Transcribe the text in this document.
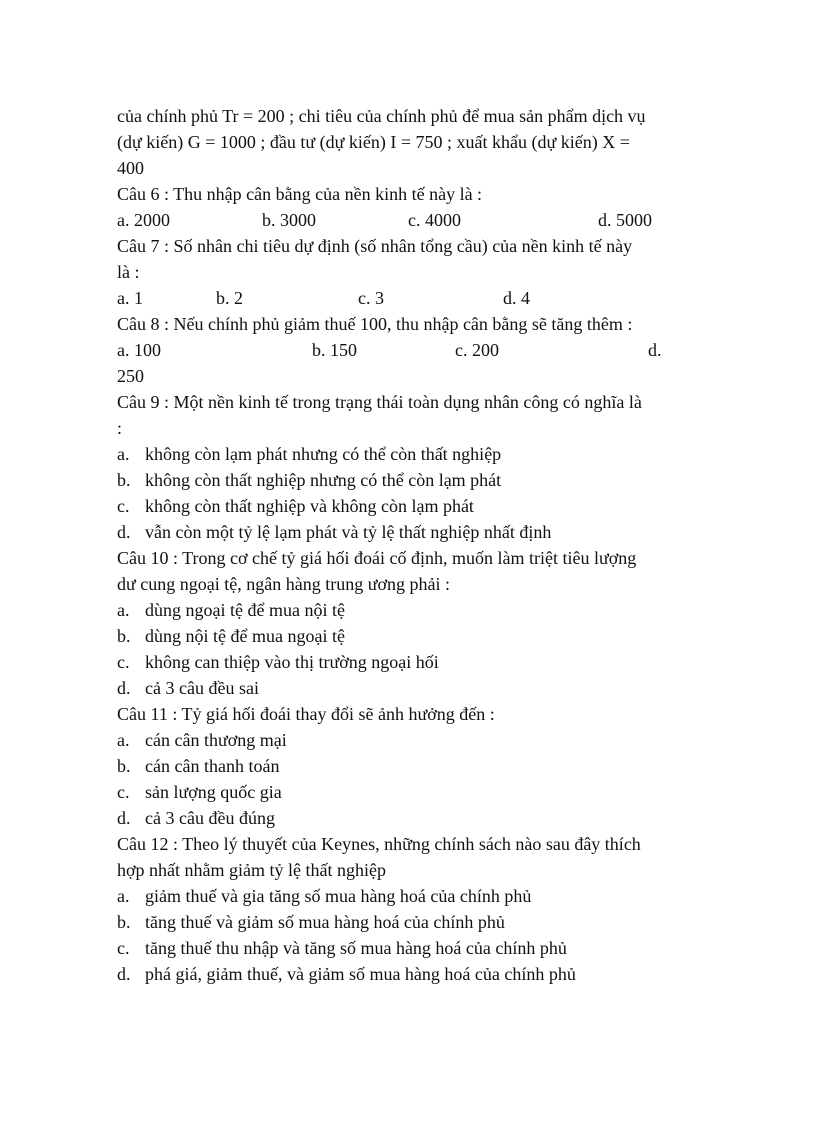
của chính phủ Tr = 200 ; chi tiêu của chính phủ để mua sản phẩm dịch vụ
(dự kiến) G = 1000 ; đầu tư (dự kiến) I = 750 ; xuất khẩu (dự kiến) X =
400
Câu 6 : Thu nhập cân bằng của nền kinh tế này là :
a. 2000	b. 3000	c. 4000	d. 5000
Câu 7 : Số nhân chi tiêu dự định (số nhân tổng cầu) của nền kinh tế này
là :
a. 1	b. 2	c. 3	d. 4
Câu 8 : Nếu chính phủ giảm thuế 100, thu nhập cân bằng sẽ tăng thêm :
a. 100	b. 150	c. 200	d.
250
Câu 9 : Một nền kinh tế trong trạng thái toàn dụng nhân công có nghĩa là
:
a. không còn lạm phát nhưng có thể còn thất nghiệp
b. không còn thất nghiệp nhưng có thể còn lạm phát
c. không còn thất nghiệp và không còn lạm phát
d. vẫn còn một tỷ lệ lạm phát và tỷ lệ thất nghiệp nhất định
Câu 10 : Trong cơ chế tỷ giá hối đoái cố định, muốn làm triệt tiêu lượng
dư cung ngoại tệ, ngân hàng trung ương phải :
a. dùng ngoại tệ để mua nội tệ
b. dùng nội tệ để mua ngoại tệ
c. không can thiệp vào thị trường ngoại hối
d. cả 3 câu đều sai
Câu 11 : Tỷ giá hối đoái thay đổi sẽ ảnh hưởng đến :
a. cán cân thương mại
b. cán cân thanh toán
c. sản lượng quốc gia
d. cả 3 câu đều đúng
Câu 12 : Theo lý thuyết của Keynes, những chính sách nào sau đây thích
hợp nhất nhằm giảm tỷ lệ thất nghiệp
a. giảm thuế và gia tăng số mua hàng hoá của chính phủ
b. tăng thuế và giảm số mua hàng hoá của chính phủ
c. tăng thuế thu nhập và tăng số mua hàng hoá của chính phủ
d. phá giá, giảm thuế, và giảm số mua hàng hoá của chính phủ
